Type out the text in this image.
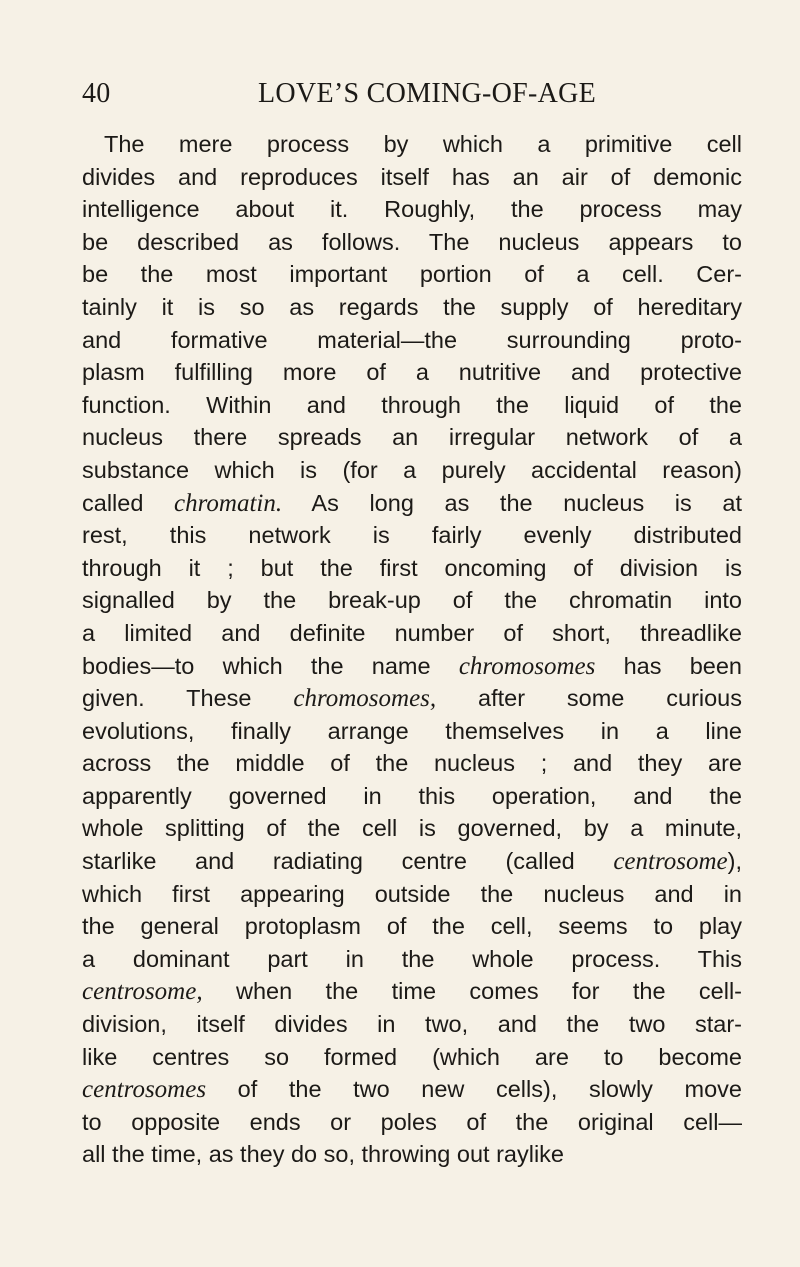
40	LOVE’S COMING-OF-AGE
The mere process by which a primitive cell
divides and reproduces itself has an air of demonic
intelligence about it. Roughly, the process may
be described as follows. The nucleus appears to
be the most important portion of a cell. Cer-
tainly it is so as regards the supply of hereditary
and formative material—the surrounding proto-
plasm fulfilling more of a nutritive and protective
function. Within and through the liquid of the
nucleus there spreads an irregular network of a
substance which is (for a purely accidental reason)
called chromatin. As long as the nucleus is at
rest, this network is fairly evenly distributed
through it ; but the first oncoming of division is
signalled by the break-up of the chromatin into
a limited and definite number of short, threadlike
bodies—to which the name chromosomes has been
given. These chromosomes, after some curious
evolutions, finally arrange themselves in a line
across the middle of the nucleus ; and they are
apparently governed in this operation, and the
whole splitting of the cell is governed, by a minute,
starlike and radiating centre (called centrosome),
which first appearing outside the nucleus and in
the general protoplasm of the cell, seems to play
a dominant part in the whole process. This
centrosome, when the time comes for the cell-
division, itself divides in two, and the two star-
like centres so formed (which are to become
centrosomes of the two new cells), slowly move
to opposite ends or poles of the original cell—
all the time, as they do so, throwing out raylike
